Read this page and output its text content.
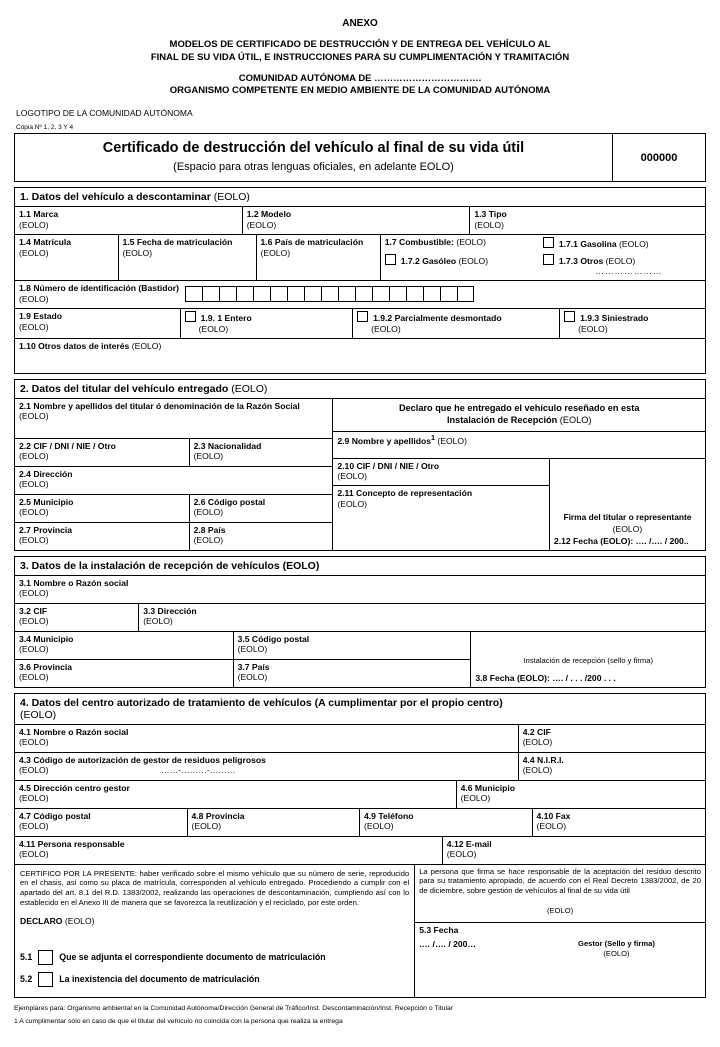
ANEXO
MODELOS DE CERTIFICADO DE DESTRUCCIÓN Y DE ENTREGA DEL VEHÍCULO AL
FINAL DE SU VIDA ÚTIL, E INSTRUCCIONES PARA SU CUMPLIMENTACIÓN Y TRAMITACIÓN
COMUNIDAD AUTÓNOMA DE …………………………….
ORGANISMO COMPETENTE EN MEDIO AMBIENTE DE LA COMUNIDAD AUTÓNOMA
LOGOTIPO DE LA COMUNIDAD AUTÓNOMA
Cópia Nº 1, 2, 3 Y 4
Certificado de destrucción del vehículo al final de su vida útil
(Espacio para otras lenguas oficiales, en adelante EOLO)
000000
1. Datos del vehículo a descontaminar (EOLO)
1.1 Marca
(EOLO)
1.2 Modelo
(EOLO)
1.3 Tipo
(EOLO)
1.4 Matrícula
(EOLO)
1.5 Fecha de matriculación
(EOLO)
1.6 País de matriculación
(EOLO)
1.7 Combustible: (EOLO)	1.7.1 Gasolina (EOLO)
1.7.2 Gasóleo (EOLO)	1.7.3 Otros (EOLO)
…………………
1.8 Número de identificación (Bastidor)
(EOLO)
1.9 Estado
(EOLO)
1.9. 1 Entero
(EOLO)
1.9.2 Parcialmente desmontado
(EOLO)
1.9.3 Siniestrado
(EOLO)
1.10 Otros datos de interés (EOLO)
2. Datos del titular del vehículo entregado (EOLO)
2.1 Nombre y apellidos del titular ó denominación de la Razón Social
(EOLO)
2.2 CIF / DNI / NIE / Otro
(EOLO)
2.3 Nacionalidad
(EOLO)
2.4 Dirección
(EOLO)
2.5 Municipio
(EOLO)
2.6 Código postal
(EOLO)
2.7 Provincia
(EOLO)
2.8 País
(EOLO)
Declaro que he entregado el vehículo reseñado en esta
Instalación de Recepción (EOLO)
2.9 Nombre y apellidos$^1$ (EOLO)
2.10 CIF / DNI / NIE / Otro
(EOLO)
2.11 Concepto de representación
(EOLO)
Firma del titular o representante
(EOLO)
2.12 Fecha (EOLO): …. /…. / 200..
3. Datos de la instalación de recepción de vehículos (EOLO)
3.1 Nombre o Razón social
(EOLO)
3.2 CIF
(EOLO)
3.3 Dirección
(EOLO)
3.4 Municipio
(EOLO)
3.5 Código postal
(EOLO)
3.6 Provincia
(EOLO)
3.7 País
(EOLO)
Instalación de recepción (sello y firma)
3.8 Fecha (EOLO): …. / . . . /200 . . .
4. Datos del centro autorizado de tratamiento de vehículos (A cumplimentar por el propio centro)
(EOLO)
4.1 Nombre o Razón social
(EOLO)
4.2 CIF
(EOLO)
4.3 Código de autorización de gestor de residuos peligrosos
(EOLO)	……-………-………
4.4 N.I.R.I.
(EOLO)
4.5 Dirección centro gestor
(EOLO)
4.6 Municipio
(EOLO)
4.7 Código postal
(EOLO)
4.8 Provincia
(EOLO)
4.9 Teléfono
(EOLO)
4.10 Fax
(EOLO)
4.11 Persona responsable
(EOLO)
4.12 E-mail
(EOLO)
CERTIFICO POR LA PRESENTE: haber verificado sobre el mismo vehículo que su número de serie, reproducido en el chasis, así como su placa de matrícula, corresponden al vehículo entregado. Procediendo a cumplir con el apartado del art. 8.1 del R.D. 1383/2002, realizando las operaciones de descontaminación, cumpliendo así con lo establecido en el Anexo III de manera que se favorezca la reutilización y el reciclado, por este orden.
DECLARO (EOLO)
5.1	Que se adjunta el correspondiente documento de matriculación
5.2	La inexistencia del documento de matriculación
La persona que firma se hace responsable de la aceptación del residuo descrito para su tratamiento apropiado, de acuerdo con el Real Decreto 1383/2002, de 20 de diciembre, sobre gestión de vehículos al final de su vida útil
(EOLO)
5.3 Fecha
.… /…. / 200…	Gestor (Sello y firma)
(EOLO)
Ejemplares para: Organismo ambiental en la Comunidad Autónoma/Dirección General de Tráfico/Inst. Descontaminación/Inst. Recepción o Titular
1 A cumplimentar sólo en caso de que el titular del vehículo no coincida con la persona que realiza la entrega
